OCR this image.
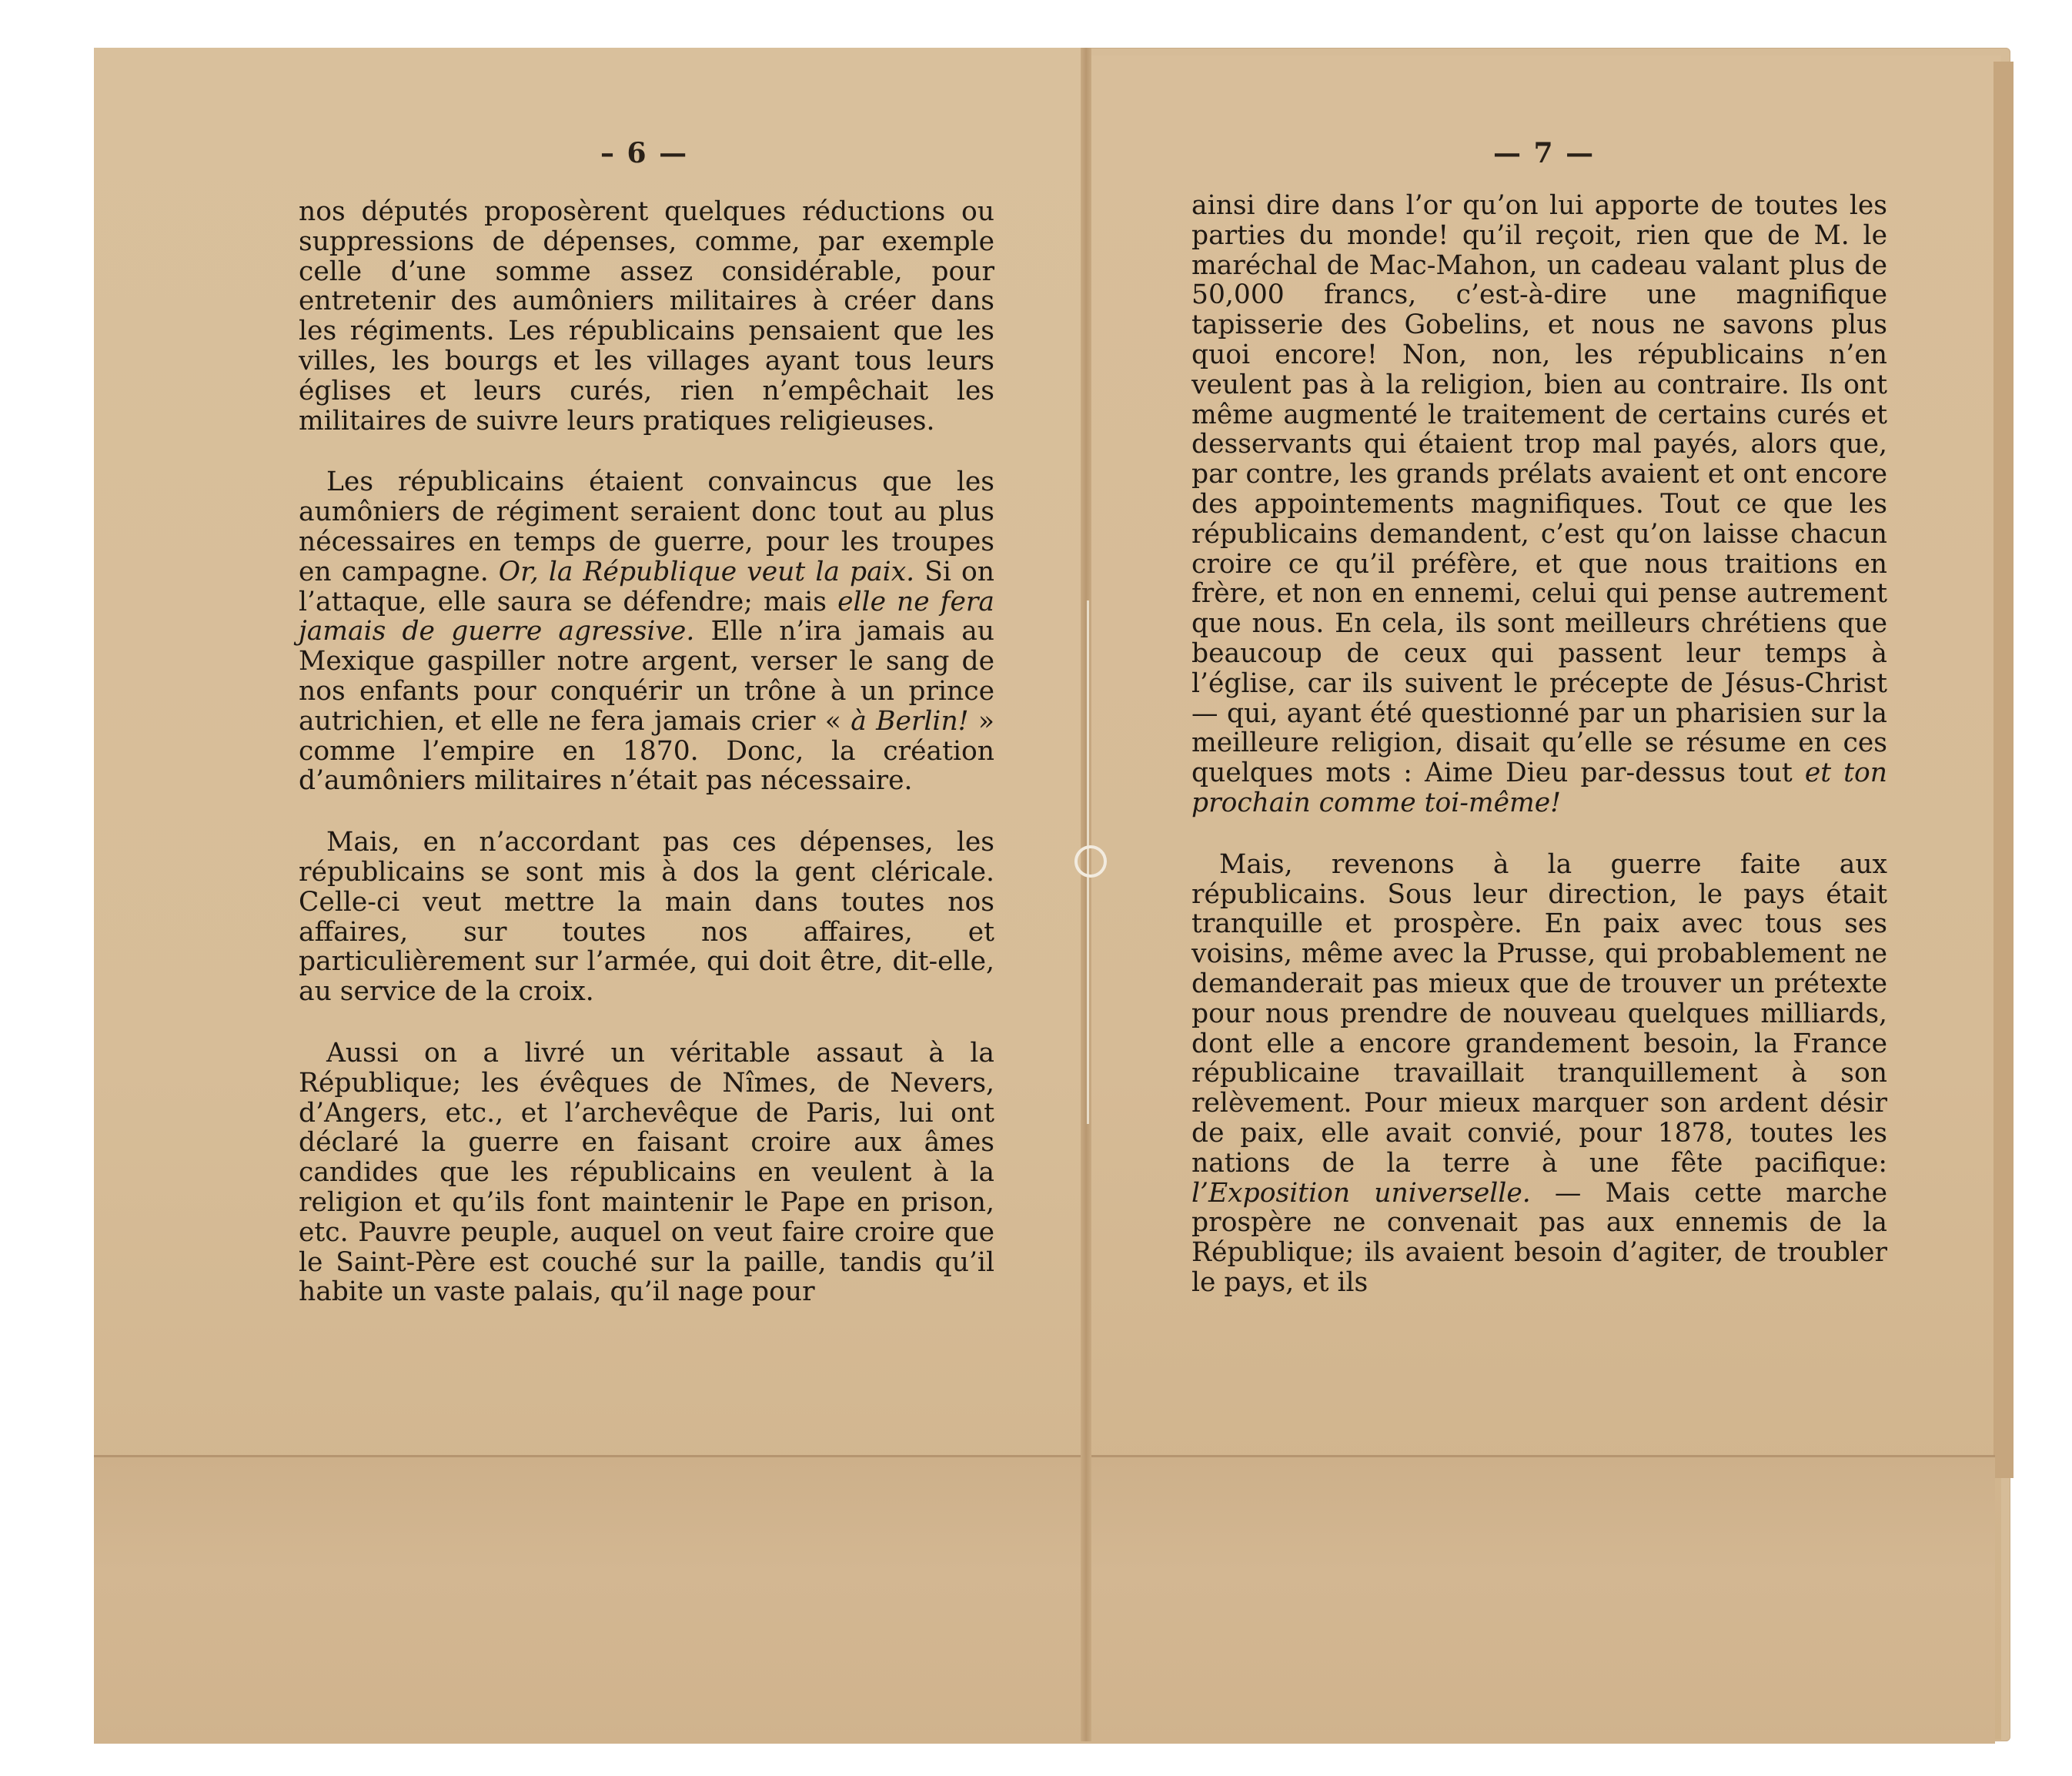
– 6 —	— 7 —

nos députés proposèrent quelques réductions ou suppressions de dépenses, comme, par exemple celle d’une somme assez considérable, pour entretenir des aumôniers militaires à créer dans les régiments. Les républicains pensaient que les villes, les bourgs et les villages ayant tous leurs églises et leurs curés, rien n’empêchait les militaires de suivre leurs pratiques religieuses.

Les républicains étaient convaincus que les aumôniers de régiment seraient donc tout au plus nécessaires en temps de guerre, pour les troupes en campagne. Or, la République veut la paix. Si on l’attaque, elle saura se défendre; mais elle ne fera jamais de guerre agressive. Elle n’ira jamais au Mexique gaspiller notre argent, verser le sang de nos enfants pour conquérir un trône à un prince autrichien, et elle ne fera jamais crier « à Berlin! » comme l’empire en 1870. Donc, la création d’aumôniers militaires n’était pas nécessaire.

Mais, en n’accordant pas ces dépenses, les républicains se sont mis à dos la gent cléricale. Celle-ci veut mettre la main dans toutes nos affaires, sur toutes nos affaires, et particulièrement sur l’armée, qui doit être, dit-elle, au service de la croix.

Aussi on a livré un véritable assaut à la République; les évêques de Nîmes, de Nevers, d’Angers, etc., et l’archevêque de Paris, lui ont déclaré la guerre en faisant croire aux âmes candides que les républicains en veulent à la religion et qu’ils font maintenir le Pape en prison, etc. Pauvre peuple, auquel on veut faire croire que le Saint-Père est couché sur la paille, tandis qu’il habite un vaste palais, qu’il nage pour

ainsi dire dans l’or qu’on lui apporte de toutes les parties du monde! qu’il reçoit, rien que de M. le maréchal de Mac-Mahon, un cadeau valant plus de 50,000 francs, c’est-à-dire une magnifique tapisserie des Gobelins, et nous ne savons plus quoi encore! Non, non, les républicains n’en veulent pas à la religion, bien au contraire. Ils ont même augmenté le traitement de certains curés et desservants qui étaient trop mal payés, alors que, par contre, les grands prélats avaient et ont encore des appointements magnifiques. Tout ce que les républicains demandent, c’est qu’on laisse chacun croire ce qu’il préfère, et que nous traitions en frère, et non en ennemi, celui qui pense autrement que nous. En cela, ils sont meilleurs chrétiens que beaucoup de ceux qui passent leur temps à l’église, car ils suivent le précepte de Jésus-Christ — qui, ayant été questionné par un pharisien sur la meilleure religion, disait qu’elle se résume en ces quelques mots : Aime Dieu par-dessus tout et ton prochain comme toi-même!

Mais, revenons à la guerre faite aux républicains. Sous leur direction, le pays était tranquille et prospère. En paix avec tous ses voisins, même avec la Prusse, qui probablement ne demanderait pas mieux que de trouver un prétexte pour nous prendre de nouveau quelques milliards, dont elle a encore grandement besoin, la France républicaine travaillait tranquillement à son relèvement. Pour mieux marquer son ardent désir de paix, elle avait convié, pour 1878, toutes les nations de la terre à une fête pacifique: l’Exposition universelle. — Mais cette marche prospère ne convenait pas aux ennemis de la République; ils avaient besoin d’agiter, de troubler le pays, et ils
